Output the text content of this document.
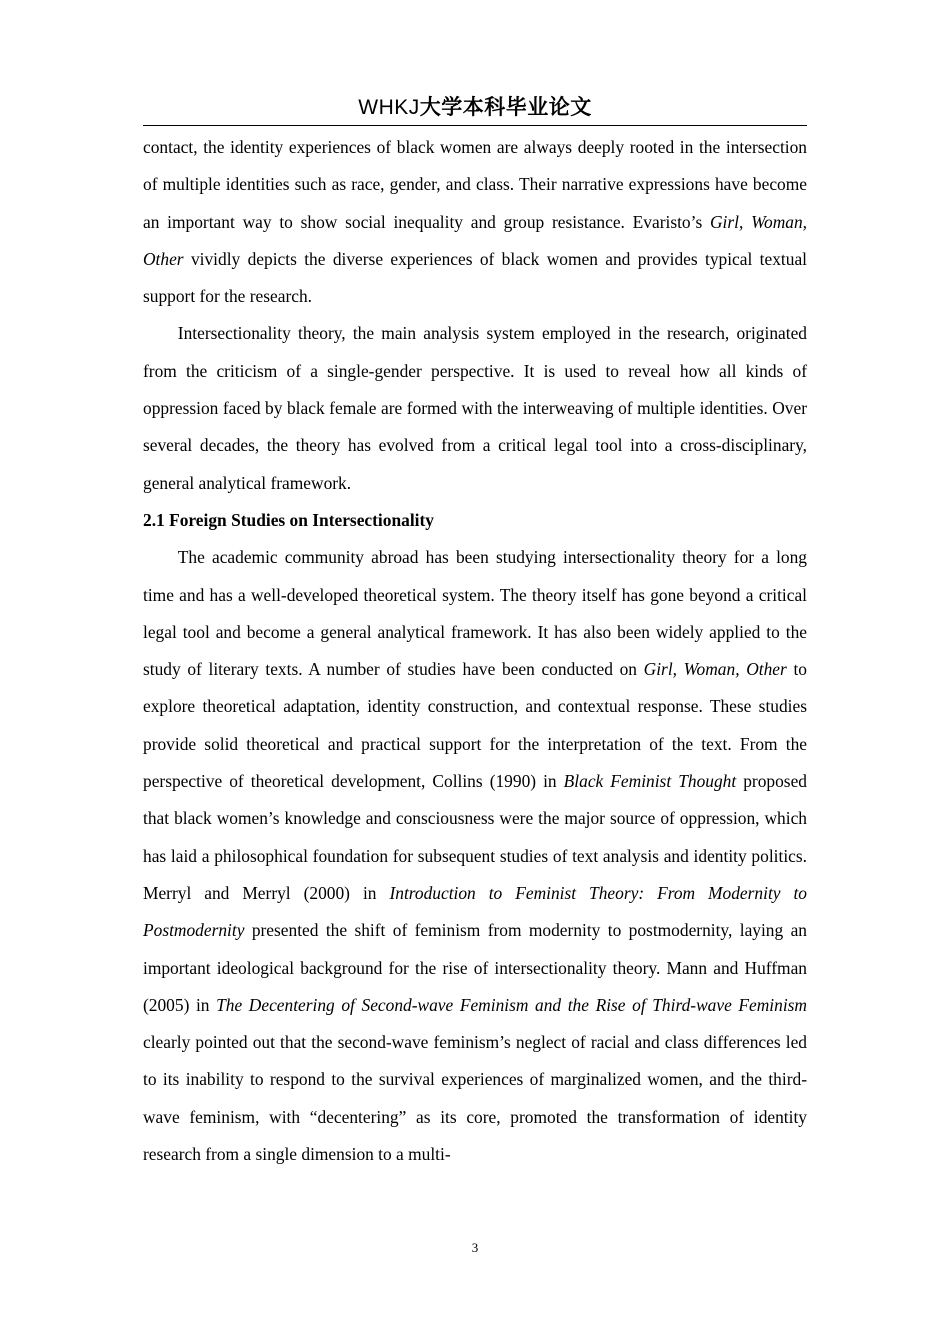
WHKJ大学本科毕业论文

contact, the identity experiences of black women are always deeply rooted in the intersection of multiple identities such as race, gender, and class. Their narrative expressions have become an important way to show social inequality and group resistance. Evaristo’s Girl, Woman, Other vividly depicts the diverse experiences of black women and provides typical textual support for the research.

Intersectionality theory, the main analysis system employed in the research, originated from the criticism of a single-gender perspective. It is used to reveal how all kinds of oppression faced by black female are formed with the interweaving of multiple identities. Over several decades, the theory has evolved from a critical legal tool into a cross-disciplinary, general analytical framework.

2.1 Foreign Studies on Intersectionality

The academic community abroad has been studying intersectionality theory for a long time and has a well-developed theoretical system. The theory itself has gone beyond a critical legal tool and become a general analytical framework. It has also been widely applied to the study of literary texts. A number of studies have been conducted on Girl, Woman, Other to explore theoretical adaptation, identity construction, and contextual response. These studies provide solid theoretical and practical support for the interpretation of the text. From the perspective of theoretical development, Collins (1990) in Black Feminist Thought proposed that black women’s knowledge and consciousness were the major source of oppression, which has laid a philosophical foundation for subsequent studies of text analysis and identity politics. Merryl and Merryl (2000) in Introduction to Feminist Theory: From Modernity to Postmodernity presented the shift of feminism from modernity to postmodernity, laying an important ideological background for the rise of intersectionality theory. Mann and Huffman (2005) in The Decentering of Second-wave Feminism and the Rise of Third-wave Feminism clearly pointed out that the second-wave feminism’s neglect of racial and class differences led to its inability to respond to the survival experiences of marginalized women, and the third-wave feminism, with “decentering” as its core, promoted the transformation of identity research from a single dimension to a multi-

3
